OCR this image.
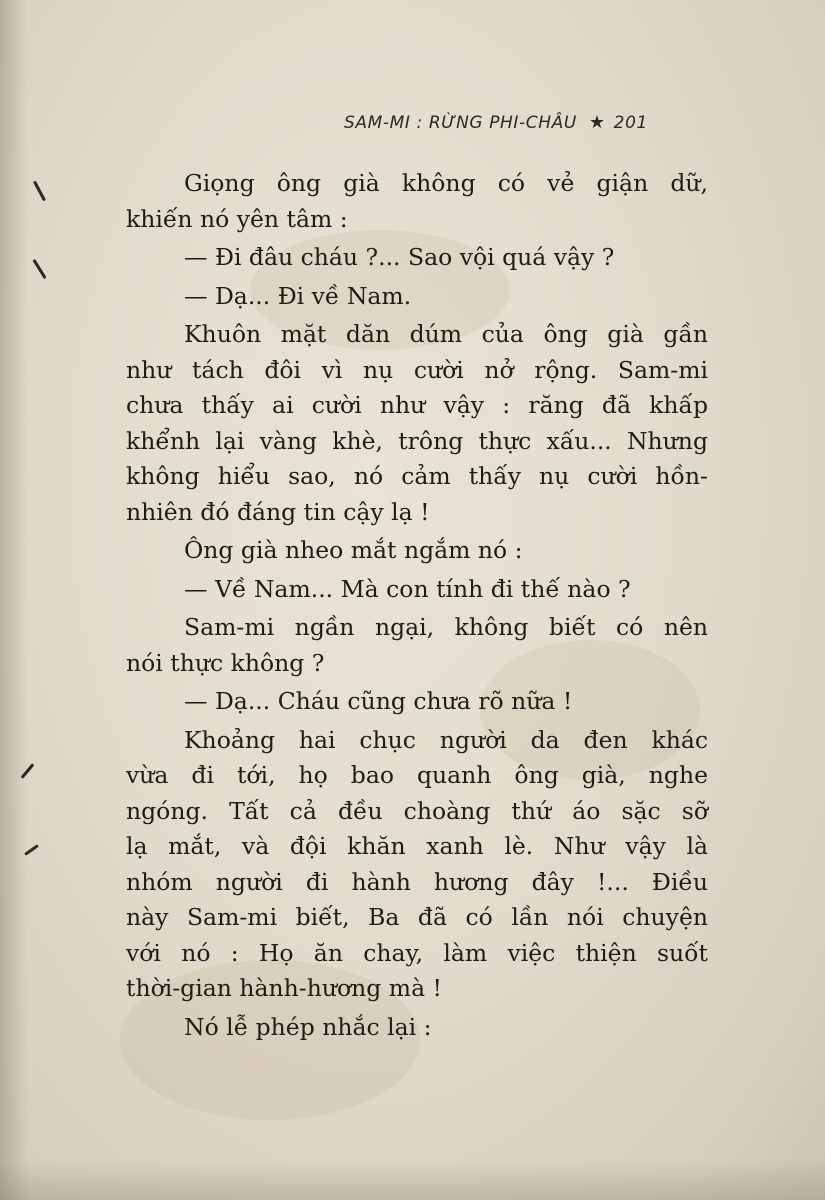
SAM-MI : RỪNG PHI-CHÂU ★ 201
Giọng ông già không có vẻ giận dữ,
khiến nó yên tâm :
— Đi đâu cháu ?... Sao vội quá vậy ?
— Dạ... Đi về Nam.
Khuôn mặt dăn dúm của ông già gần
như tách đôi vì nụ cười nở rộng. Sam-mi
chưa thấy ai cười như vậy : răng đã khấp
khểnh lại vàng khè, trông thực xấu... Nhưng
không hiểu sao, nó cảm thấy nụ cười hồn-
nhiên đó đáng tin cậy lạ !
Ông già nheo mắt ngắm nó :
— Về Nam... Mà con tính đi thế nào ?
Sam-mi ngần ngại, không biết có nên
nói thực không ?
— Dạ... Cháu cũng chưa rõ nữa !
Khoảng hai chục người da đen khác
vừa đi tới, họ bao quanh ông già, nghe
ngóng. Tất cả đều choàng thứ áo sặc sỡ
lạ mắt, và đội khăn xanh lè. Như vậy là
nhóm người đi hành hương đây !... Điều
này Sam-mi biết, Ba đã có lần nói chuyện
với nó : Họ ăn chay, làm việc thiện suốt
thời-gian hành-hương mà !
Nó lễ phép nhắc lại :
